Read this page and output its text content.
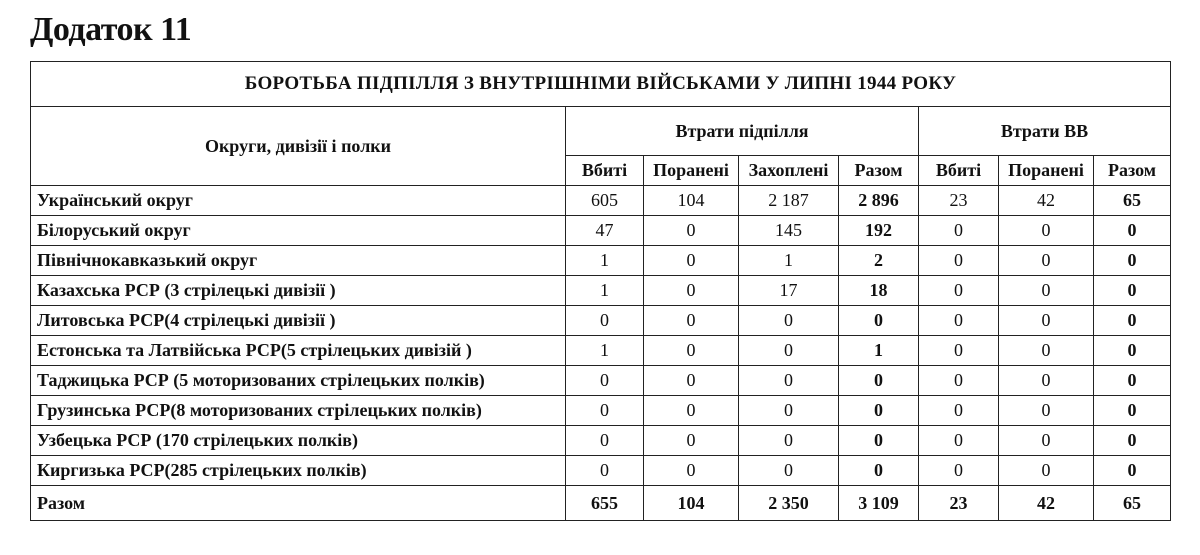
Додаток 11
БОРОТЬБА ПІДПІЛЛЯ З ВНУТРІШНІМИ ВІЙСЬКАМИ У ЛИПНІ 1944 РОКУ							
Округи, дивізії і полки	Втрати підпілля				Втрати ВВ		
	Вбиті	Поранені	Захоплені	Разом	Вбиті	Поранені	Разом
Український округ	605	104	2 187	2 896	23	42	65
Білоруський округ	47	0	145	192	0	0	0
Північнокавказький округ	1	0	1	2	0	0	0
Казахська РСР (3 стрілецькі дивізії )	1	0	17	18	0	0	0
Литовська РСР(4 стрілецькі дивізії )	0	0	0	0	0	0	0
Естонська та Латвійська РСР(5 стрілецьких дивізій )	1	0	0	1	0	0	0
Таджицька РСР (5 моторизованих стрілецьких полків)	0	0	0	0	0	0	0
Грузинська РСР(8 моторизованих стрілецьких полків)	0	0	0	0	0	0	0
Узбецька РСР (170 стрілецьких полків)	0	0	0	0	0	0	0
Киргизька РСР(285 стрілецьких полків)	0	0	0	0	0	0	0
Разом	655	104	2 350	3 109	23	42	65
